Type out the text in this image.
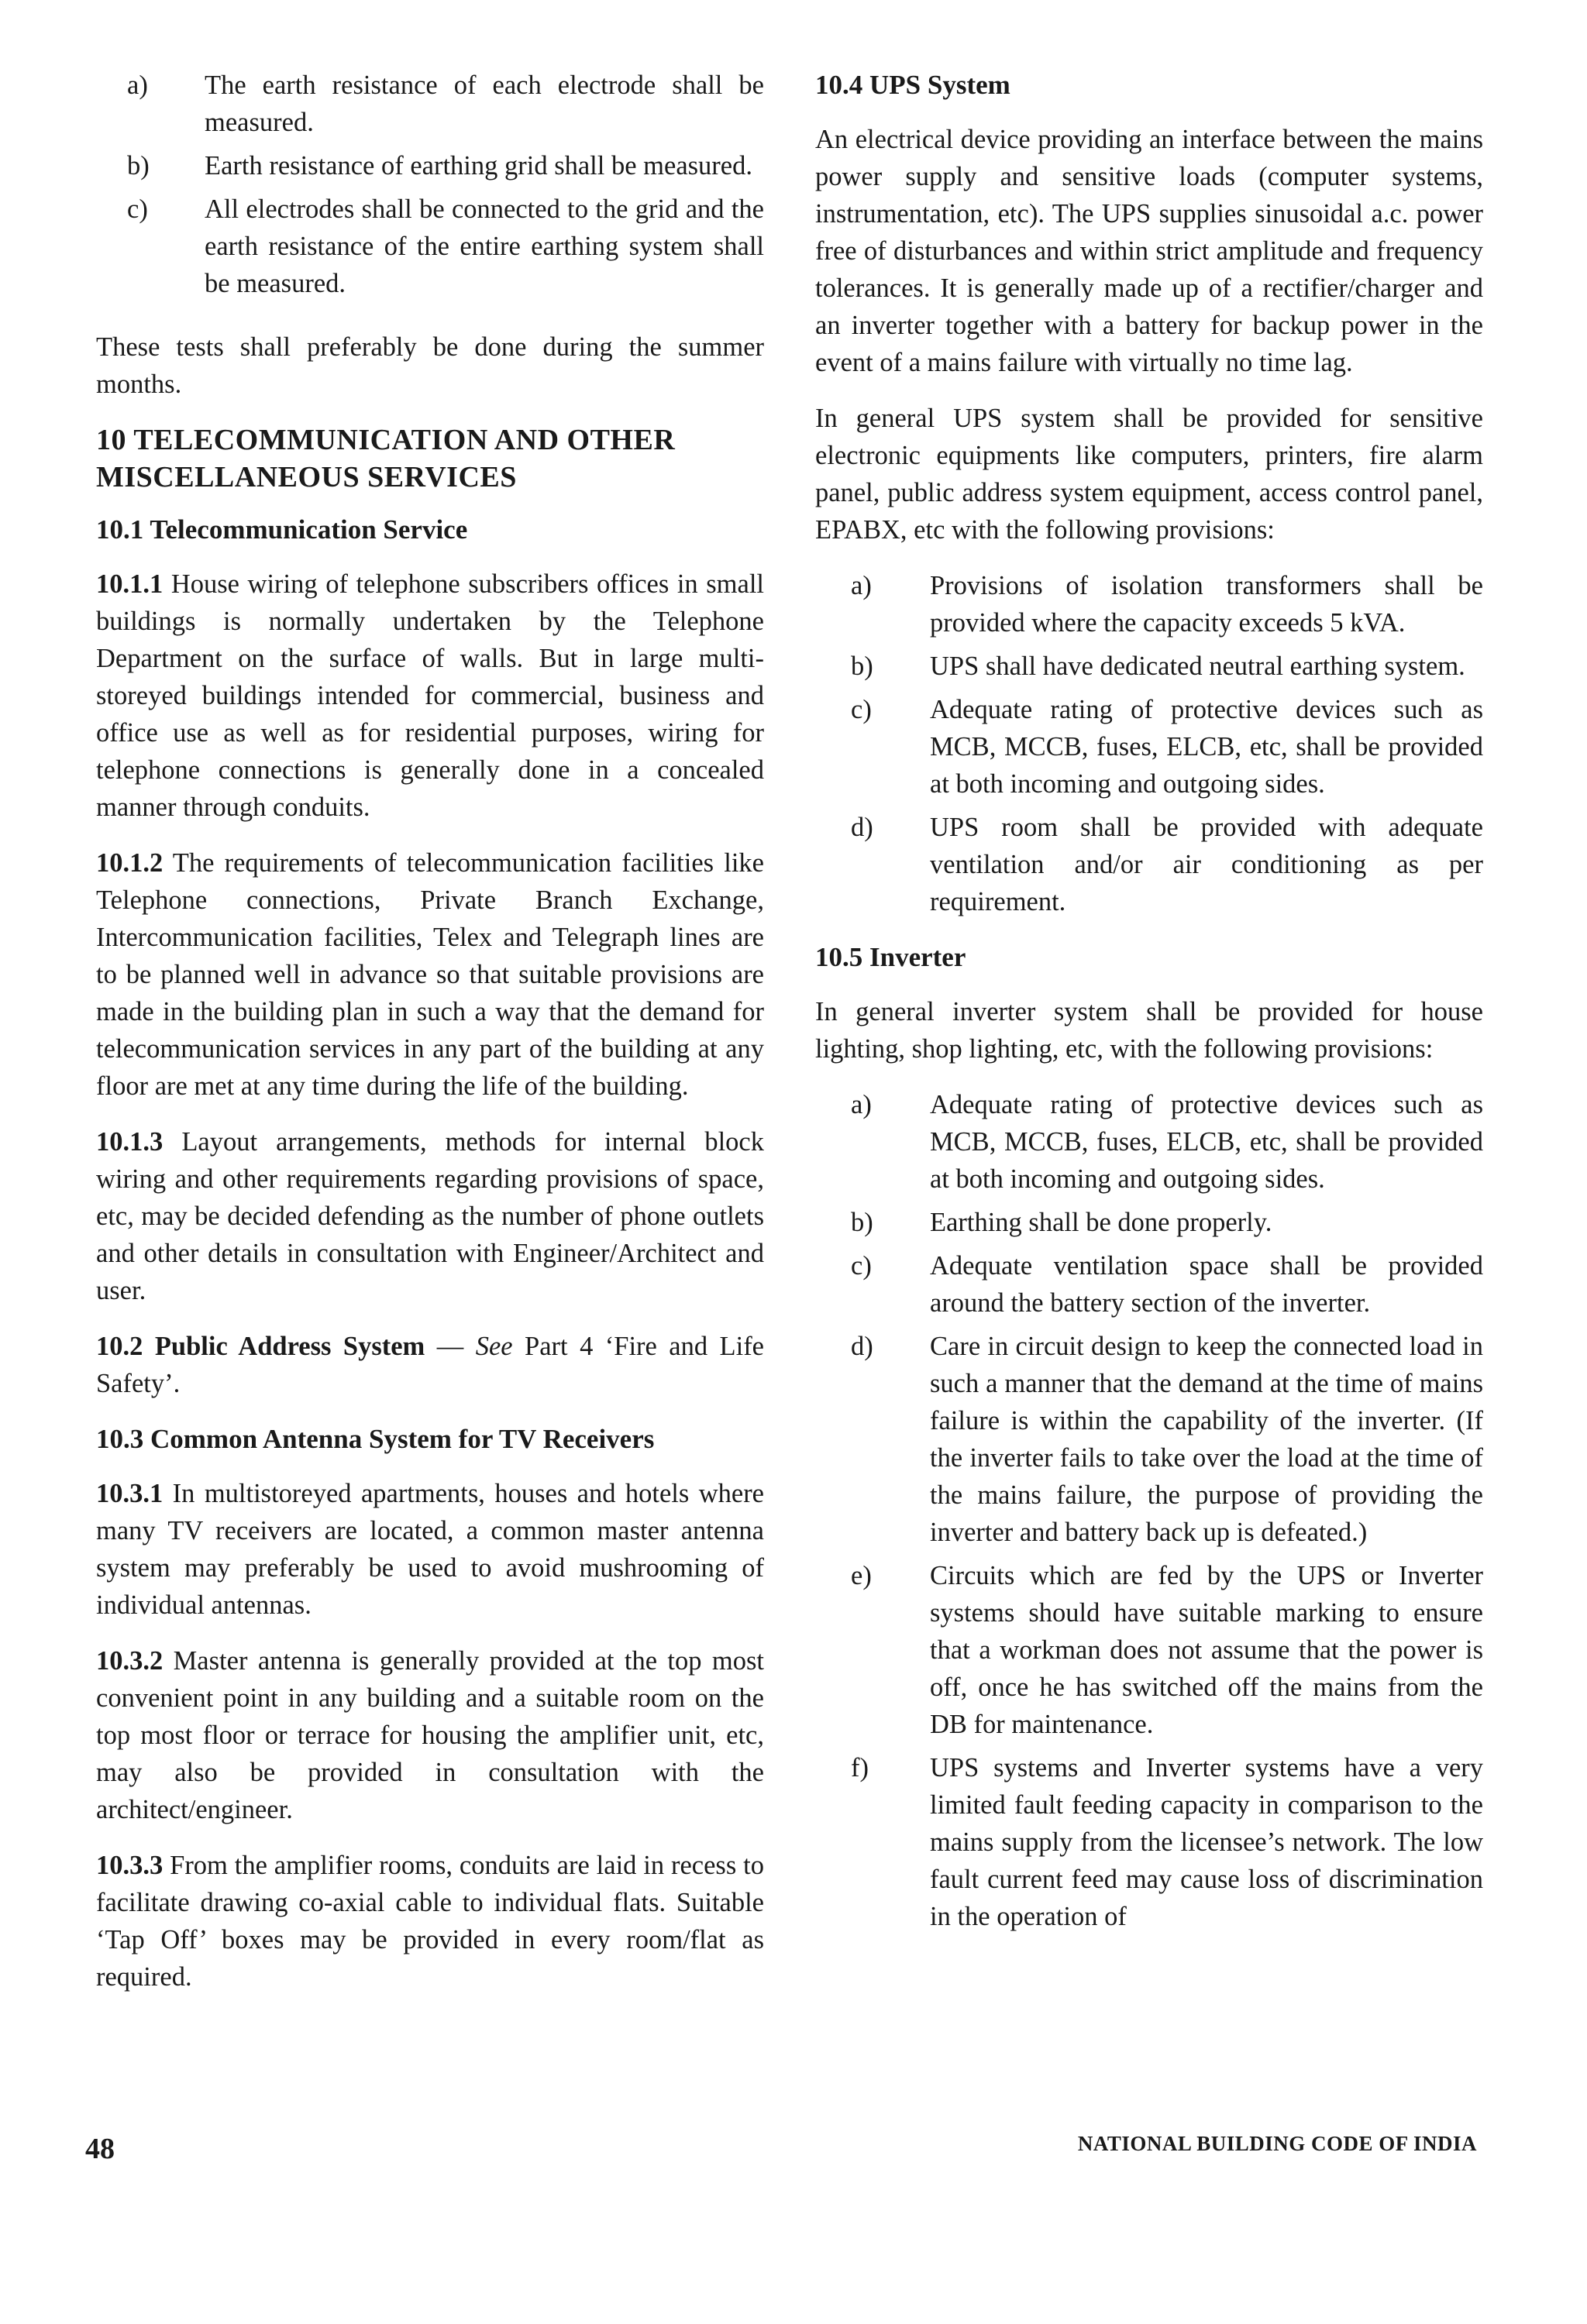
a) The earth resistance of each electrode shall be measured.
b) Earth resistance of earthing grid shall be measured.
c) All electrodes shall be connected to the grid and the earth resistance of the entire earthing system shall be measured.

These tests shall preferably be done during the summer months.

10 TELECOMMUNICATION AND OTHER MISCELLANEOUS SERVICES
10.1 Telecommunication Service

10.1.1 House wiring of telephone subscribers offices in small buildings is normally undertaken by the Telephone Department on the surface of walls. But in large multi-storeyed buildings intended for commercial, business and office use as well as for residential purposes, wiring for telephone connections is generally done in a concealed manner through conduits.

10.1.2 The requirements of telecommunication facilities like Telephone connections, Private Branch Exchange, Intercommunication facilities, Telex and Telegraph lines are to be planned well in advance so that suitable provisions are made in the building plan in such a way that the demand for telecommunication services in any part of the building at any floor are met at any time during the life of the building.

10.1.3 Layout arrangements, methods for internal block wiring and other requirements regarding provisions of space, etc, may be decided defending as the number of phone outlets and other details in consultation with Engineer/Architect and user.

10.2 Public Address System — See Part 4 ‘Fire and Life Safety’.

10.3 Common Antenna System for TV Receivers

10.3.1 In multistoreyed apartments, houses and hotels where many TV receivers are located, a common master antenna system may preferably be used to avoid mushrooming of individual antennas.

10.3.2 Master antenna is generally provided at the top most convenient point in any building and a suitable room on the top most floor or terrace for housing the amplifier unit, etc, may also be provided in consultation with the architect/engineer.

10.3.3 From the amplifier rooms, conduits are laid in recess to facilitate drawing co-axial cable to individual flats. Suitable ‘Tap Off’ boxes may be provided in every room/flat as required.

10.4 UPS System

An electrical device providing an interface between the mains power supply and sensitive loads (computer systems, instrumentation, etc). The UPS supplies sinusoidal a.c. power free of disturbances and within strict amplitude and frequency tolerances. It is generally made up of a rectifier/charger and an inverter together with a battery for backup power in the event of a mains failure with virtually no time lag.

In general UPS system shall be provided for sensitive electronic equipments like computers, printers, fire alarm panel, public address system equipment, access control panel, EPABX, etc with the following provisions:

a) Provisions of isolation transformers shall be provided where the capacity exceeds 5 kVA.
b) UPS shall have dedicated neutral earthing system.
c) Adequate rating of protective devices such as MCB, MCCB, fuses, ELCB, etc, shall be provided at both incoming and outgoing sides.
d) UPS room shall be provided with adequate ventilation and/or air conditioning as per requirement.
10.5 Inverter

In general inverter system shall be provided for house lighting, shop lighting, etc, with the following provisions:

a) Adequate rating of protective devices such as MCB, MCCB, fuses, ELCB, etc, shall be provided at both incoming and outgoing sides.
b) Earthing shall be done properly.
c) Adequate ventilation space shall be provided around the battery section of the inverter.
d) Care in circuit design to keep the connected load in such a manner that the demand at the time of mains failure is within the capability of the inverter. (If the inverter fails to take over the load at the time of the mains failure, the purpose of providing the inverter and battery back up is defeated.)
e) Circuits which are fed by the UPS or Inverter systems should have suitable marking to ensure that a workman does not assume that the power is off, once he has switched off the mains from the DB for maintenance.
f) UPS systems and Inverter systems have a very limited fault feeding capacity in comparison to the mains supply from the licensee’s network. The low fault current feed may cause loss of discrimination in the operation of
48	NATIONAL BUILDING CODE OF INDIA
